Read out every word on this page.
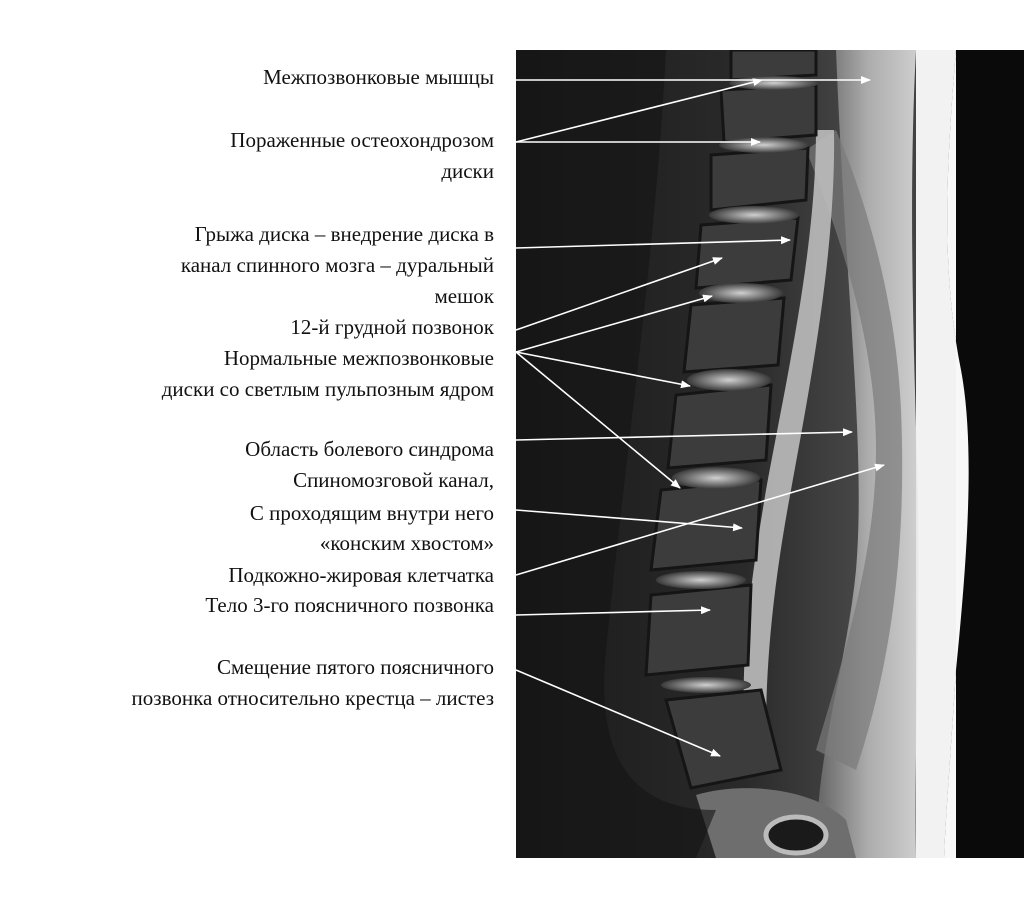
Межпозвонковые мышцы
Пораженные остеохондрозом
диски
Грыжа диска – внедрение диска в
канал спинного мозга – дуральный
мешок
12-й грудной позвонок
Нормальные межпозвонковые
диски со светлым пульпозным ядром
Область болевого синдрома
Спиномозговой канал,
С проходящим внутри него
«конским хвостом»
Подкожно-жировая клетчатка
Тело 3-го поясничного позвонка
Смещение пятого поясничного
позвонка относительно крестца – листез
